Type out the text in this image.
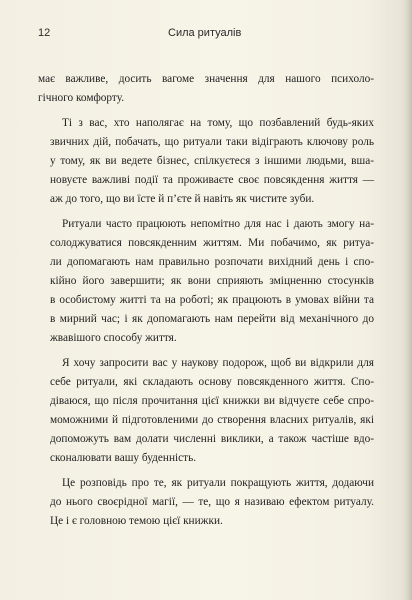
12	Сила ритуалів

має важливе, досить вагоме значення для нашого психоло-
гічного комфорту.

Ті з вас, хто наполягає на тому, що позбавлений будь-яких
звичних дій, побачать, що ритуали таки відіграють ключову роль
у тому, як ви ведете бізнес, спілкуєтеся з іншими людьми, вша-
новуєте важливі події та проживаєте своє повсякдення життя —
аж до того, що ви їсте й п’єте й навіть як чистите зуби.

Ритуали часто працюють непомітно для нас і дають змогу на-
солоджуватися повсякденним життям. Ми побачимо, як ритуа-
ли допомагають нам правильно розпочати вихідний день і спо-
кійно його завершити; як вони сприяють зміцненню стосунків
в особистому житті та на роботі; як працюють в умовах війни та
в мирний час; і як допомагають нам перейти від механічного до
жвавішого способу життя.

Я хочу запросити вас у наукову подорож, щоб ви відкрили для
себе ритуали, які складають основу повсякденного життя. Спо-
діваюся, що після прочитання цієї книжки ви відчуєте себе спро-
моможними й підготовленими до створення власних ритуалів, які
допоможуть вам долати численні виклики, а також частіше вдо-
сконалювати вашу буденність.

Це розповідь про те, як ритуали покращують життя, додаючи
до нього своєрідної магії, — те, що я називаю ефектом ритуалу.
Це і є головною темою цієї книжки.
